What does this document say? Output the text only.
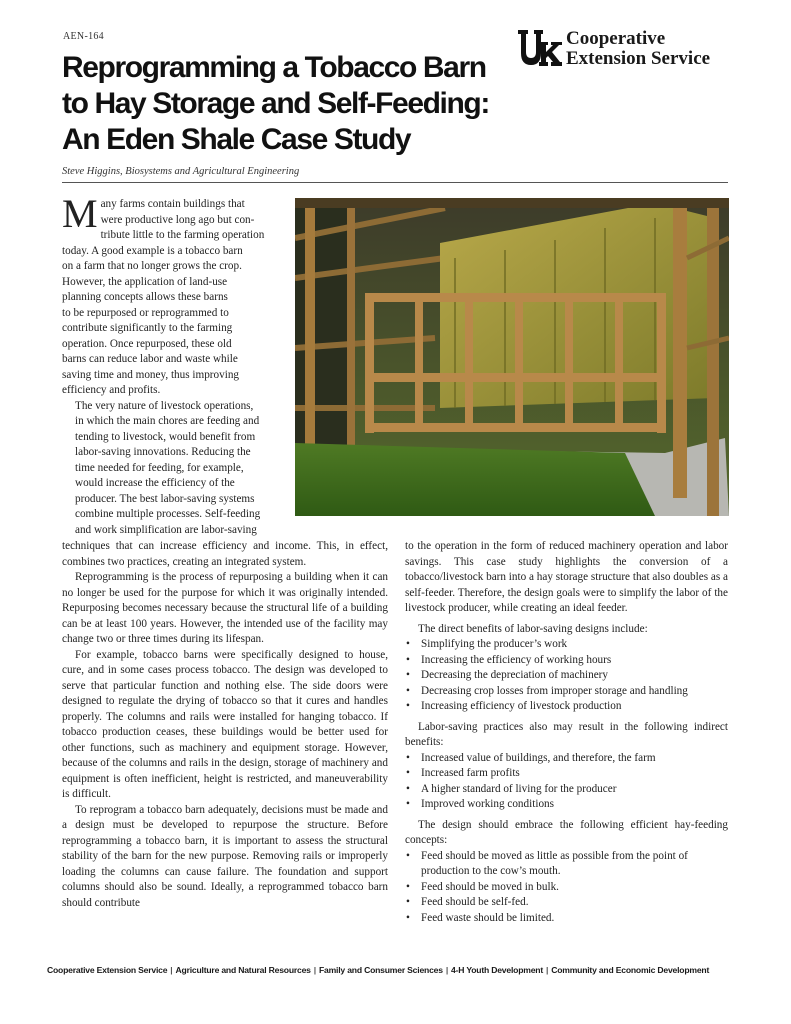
AEN-164	Cooperative
Extension Service
Reprogramming a Tobacco Barn
to Hay Storage and Self-Feeding:
An Eden Shale Case Study
Steve Higgins, Biosystems and Agricultural Engineering

M any farms contain buildings that
were productive long ago but con-
tribute little to the farming operation
today. A good example is a tobacco barn
on a farm that no longer grows the crop.
However, the application of land-use
planning concepts allows these barns
to be repurposed or reprogrammed to
contribute significantly to the farming
operation. Once repurposed, these old
barns can reduce labor and waste while
saving time and money, thus improving
efficiency and profits.

The very nature of livestock operations,
in which the main chores are feeding and
tending to livestock, would benefit from
labor-saving innovations. Reducing the
time needed for feeding, for example,
would increase the efficiency of the
producer. The best labor-saving systems
combine multiple processes. Self-feeding
and work simplification are labor-saving

techniques that can increase efficiency and income. This, in effect, combines two practices, creating an integrated system.

Reprogramming is the process of repurposing a building when it can no longer be used for the purpose for which it was originally intended. Repurposing becomes necessary because the structural life of a building can be at least 100 years. However, the intended use of the facility may change two or three times during its lifespan.

For example, tobacco barns were specifically designed to house, cure, and in some cases process tobacco. The design was developed to serve that particular function and nothing else. The side doors were designed to regulate the drying of tobacco so that it cures and handles properly. The columns and rails were installed for hanging tobacco. If tobacco production ceases, these buildings would be better used for other functions, such as machinery and equipment storage. However, because of the columns and rails in the design, storage of machinery and equipment is often inefficient, height is restricted, and maneuverability is difficult.

To reprogram a tobacco barn adequately, decisions must be made and a design must be developed to repurpose the structure. Before reprogramming a tobacco barn, it is important to assess the structural stability of the barn for the new purpose. Removing rails or improperly loading the columns can cause failure. The foundation and support columns should also be sound. Ideally, a reprogrammed tobacco barn should contribute

to the operation in the form of reduced machinery operation and labor savings. This case study highlights the conversion of a tobacco/livestock barn into a hay storage structure that also doubles as a self-feeder. Therefore, the design goals were to simplify the labor of the livestock producer, while creating an ideal feeder.

The direct benefits of labor-saving designs include:

• Simplifying the producer’s work
• Increasing the efficiency of working hours
• Decreasing the depreciation of machinery
• Decreasing crop losses from improper storage and handling
• Increasing efficiency of livestock production

Labor-saving practices also may result in the following indirect benefits:

• Increased value of buildings, and therefore, the farm
• Increased farm profits
• A higher standard of living for the producer
• Improved working conditions

The design should embrace the following efficient hay-feeding concepts:

• Feed should be moved as little as possible from the point of production to the cow’s mouth.
• Feed should be moved in bulk.
• Feed should be self-fed.
• Feed waste should be limited.
Cooperative Extension Service | Agriculture and Natural Resources | Family and Consumer Sciences | 4-H Youth Development | Community and Economic Development
